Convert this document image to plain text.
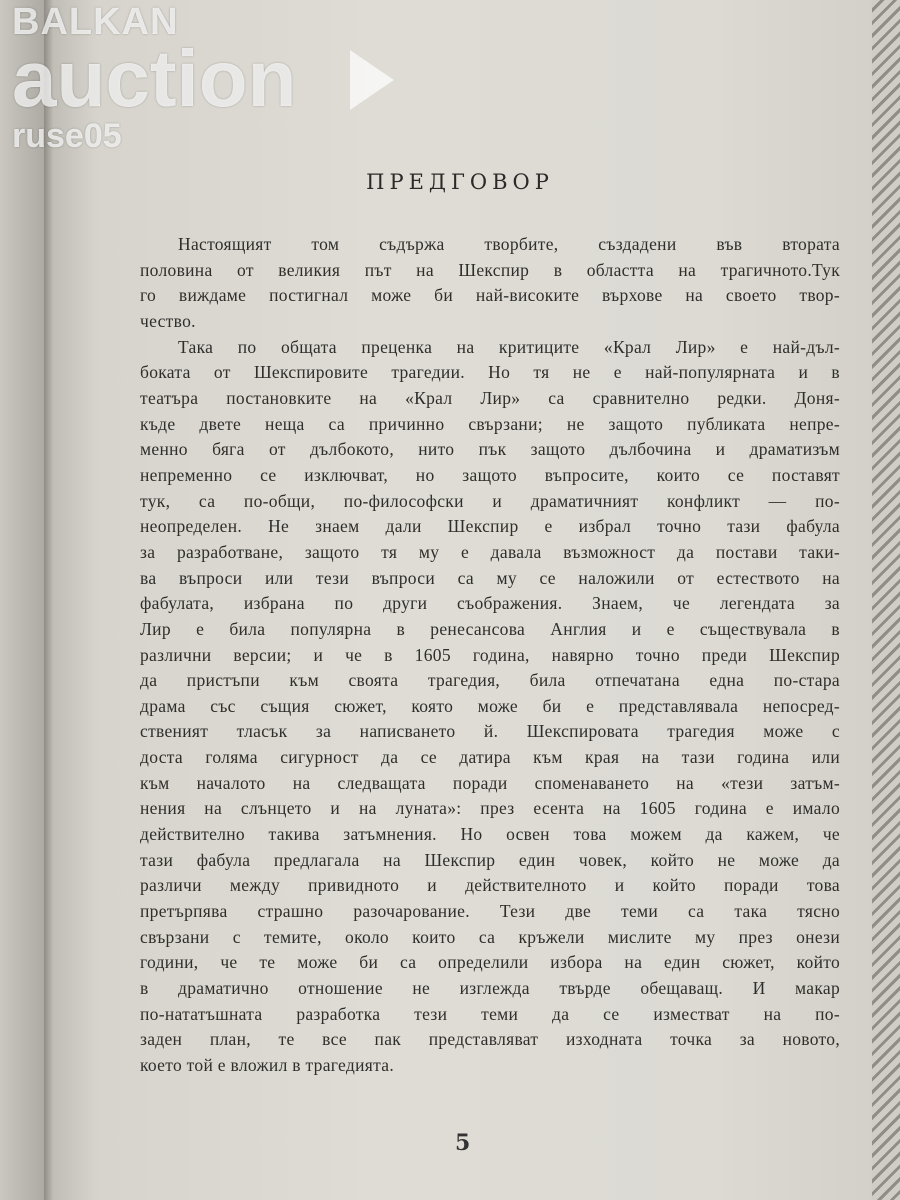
ПРЕДГОВОР
Настоящият том съдържа творбите, създадени във втората
половина от великия път на Шекспир в областта на трагичното.Тук
го виждаме постигнал може би най-високите върхове на своето твор-
чество.
Така по общата преценка на критиците «Крал Лир» е най-дъл-
боката от Шекспировите трагедии. Но тя не е най-популярната и в
театъра постановките на «Крал Лир» са сравнително редки. Доня-
къде двете неща са причинно свързани; не защото публиката непре-
менно бяга от дълбокото, нито пък защото дълбочина и драматизъм
непременно се изключват, но защото въпросите, които се поставят
тук, са по-общи, по-философски и драматичният конфликт — по-
неопределен. Не знаем дали Шекспир е избрал точно тази фабула
за разработване, защото тя му е давала възможност да постави таки-
ва въпроси или тези въпроси са му се наложили от естеството на
фабулата, избрана по други съображения. Знаем, че легендата за
Лир е била популярна в ренесансова Англия и е съществувала в
различни версии; и че в 1605 година, навярно точно преди Шекспир
да пристъпи към своята трагедия, била отпечатана една по-стара
драма със същия сюжет, която може би е представлявала непосред-
ственият тласък за написването й. Шекспировата трагедия може с
доста голяма сигурност да се датира към края на тази година или
към началото на следващата поради споменаването на «тези затъм-
нения на слънцето и на луната»: през есента на 1605 година е имало
действително такива затъмнения. Но освен това можем да кажем, че
тази фабула предлагала на Шекспир един човек, който не може да
различи между привидното и действителното и който поради това
претърпява страшно разочарование. Тези две теми са така тясно
свързани с темите, около които са кръжели мислите му през онези
години, че те може би са определили избора на един сюжет, който
в драматично отношение не изглежда твърде обещаващ. И макар
по-нататъшната разработка тези теми да се изместват на по-
заден план, те все пак представляват изходната точка за новото,
което той е вложил в трагедията.
5
BALKAN
auction
ruse05
